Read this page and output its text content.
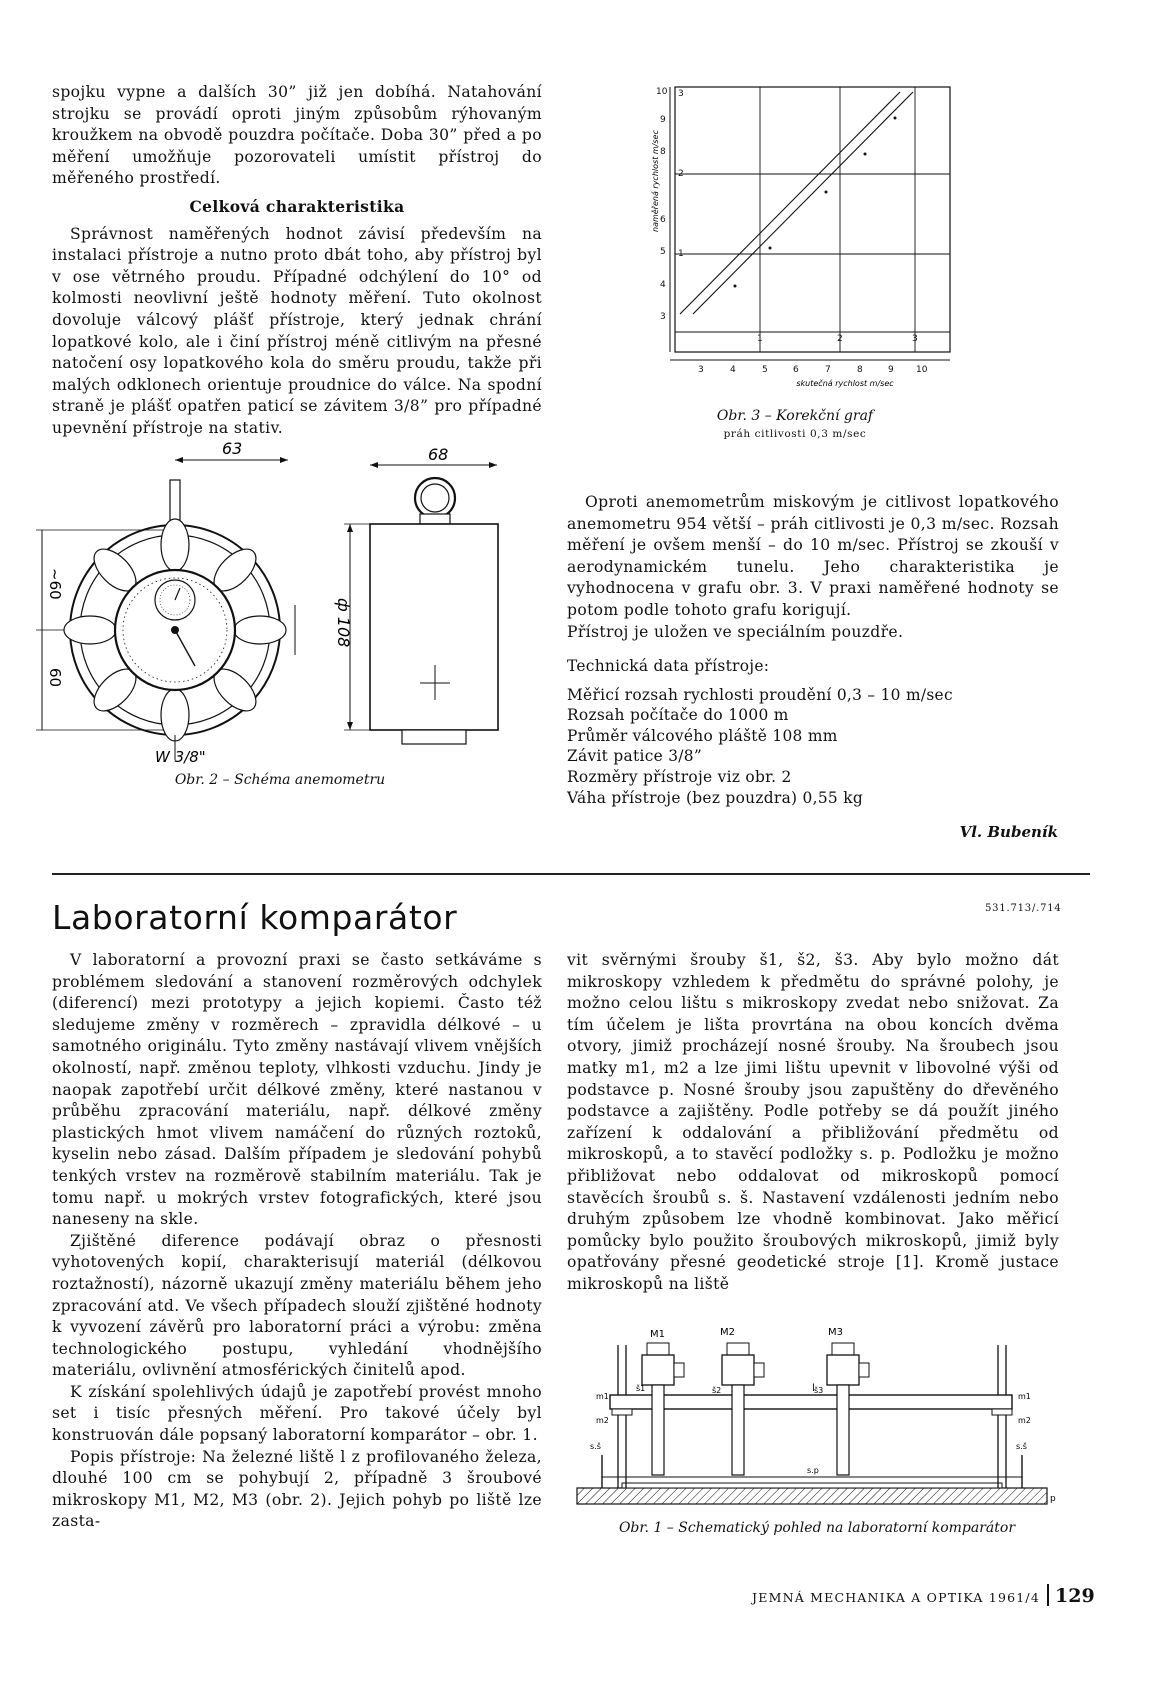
spojku vypne a dalších 30” již jen dobíhá. Natahování strojku se provádí oproti jiným způsobům rýhovaným kroužkem na obvodě pouzdra počítače. Doba 30” před a po měření umožňuje pozorovateli umístit přístroj do měřeného prostředí.

Celková charakteristika

Správnost naměřených hodnot závisí především na instalaci přístroje a nutno proto dbát toho, aby přístroj byl v ose větrného proudu. Případné odchýlení do 10° od kolmosti neovlivní ještě hodnoty měření. Tuto okolnost dovoluje válcový plášť přístroje, který jednak chrání lopatkové kolo, ale i činí přístroj méně citlivým na přesné natočení osy lopatkového kola do směru proudu, takže při malých odklonech orientuje proudnice do válce. Na spodní straně je plášť opatřen paticí se závitem 3/8” pro případné upevnění přístroje na stativ.

10
9
8
6
5
4
3
3
2
1
1	2	3
3	4	5	6	7	8	9 10
naměřená rychlost m/sec
skutečná rychlost m/sec
Obr. 3 – Korekční graf
práh citlivosti 0,3 m/sec
63
~60
60
W 3/8"
68
ф 108
Obr. 2 – Schéma anemometru

Oproti anemometrům miskovým je citlivost lopatkového anemometru 954 větší – práh citlivosti je 0,3 m/sec. Rozsah měření je ovšem menší – do 10 m/sec. Přístroj se zkouší v aerodynamickém tunelu. Jeho charakteristika je vyhodnocena v grafu obr. 3. V praxi naměřené hodnoty se potom podle tohoto grafu korigují.

Přístroj je uložen ve speciálním pouzdře.

Technická data přístroje:
Měřicí rozsah rychlosti proudění 0,3 – 10 m/sec
Rozsah počítače do 1000 m
Průměr válcového pláště 108 mm
Závit patice 3/8”
Rozměry přístroje viz obr. 2
Váha přístroje (bez pouzdra) 0,55 kg
Vl. Bubeník
Laboratorní komparátor	531.713/.714

V laboratorní a provozní praxi se často setkáváme s problémem sledování a stanovení rozměrových odchylek (diferencí) mezi prototypy a jejich kopiemi. Často též sledujeme změny v rozměrech – zpravidla délkové – u samotného originálu. Tyto změny nastávají vlivem vnějších okolností, např. změnou teploty, vlhkosti vzduchu. Jindy je naopak zapotřebí určit délkové změny, které nastanou v průběhu zpracování materiálu, např. délkové změny plastických hmot vlivem namáčení do různých roztoků, kyselin nebo zásad. Dalším případem je sledování pohybů tenkých vrstev na rozměrově stabilním materiálu. Tak je tomu např. u mokrých vrstev fotografických, které jsou naneseny na skle.

Zjištěné diference podávají obraz o přesnosti vyhotovených kopií, charakterisují materiál (délkovou roztažností), názorně ukazují změny materiálu během jeho zpracování atd. Ve všech případech slouží zjištěné hodnoty k vyvození závěrů pro laboratorní práci a výrobu: změna technologického postupu, vyhledání vhodnějšího materiálu, ovlivnění atmosférických činitelů apod.

K získání spolehlivých údajů je zapotřebí provést mnoho set i tisíc přesných měření. Pro takové účely byl konstruován dále popsaný laboratorní komparátor – obr. 1.

Popis přístroje: Na železné liště l z profilovaného železa, dlouhé 100 cm se pohybují 2, případně 3 šroubové mikroskopy M1, M2, M3 (obr. 2). Jejich pohyb po liště lze zasta-

vit svěrnými šrouby š1, š2, š3. Aby bylo možno dát mikroskopy vzhledem k předmětu do správné polohy, je možno celou lištu s mikroskopy zvedat nebo snižovat. Za tím účelem je lišta provrtána na obou koncích dvěma otvory, jimiž procházejí nosné šrouby. Na šroubech jsou matky m1, m2 a lze jimi lištu upevnit v libovolné výši od podstavce p. Nosné šrouby jsou zapuštěny do dřevěného podstavce a zajištěny. Podle potřeby se dá použít jiného zařízení k oddalování a přibližování předmětu od mikroskopů, a to stavěcí podložky s. p. Podložku je možno přibližovat nebo oddalovat od mikroskopů pomocí stavěcích šroubů s. š. Nastavení vzdálenosti jedním nebo druhým způsobem lze vhodně kombinovat. Jako měřicí pomůcky bylo použito šroubových mikroskopů, jimiž byly opatřovány přesné geodetické stroje [1]. Kromě justace mikroskopů na liště

p
s.p
s.š	s.š
l
m1
m2
m1
m2
M1
š1
M2
š2
M3
š3
Obr. 1 – Schematický pohled na laboratorní komparátor
JEMNÁ MECHANIKA A OPTIKA 1961/4 129
